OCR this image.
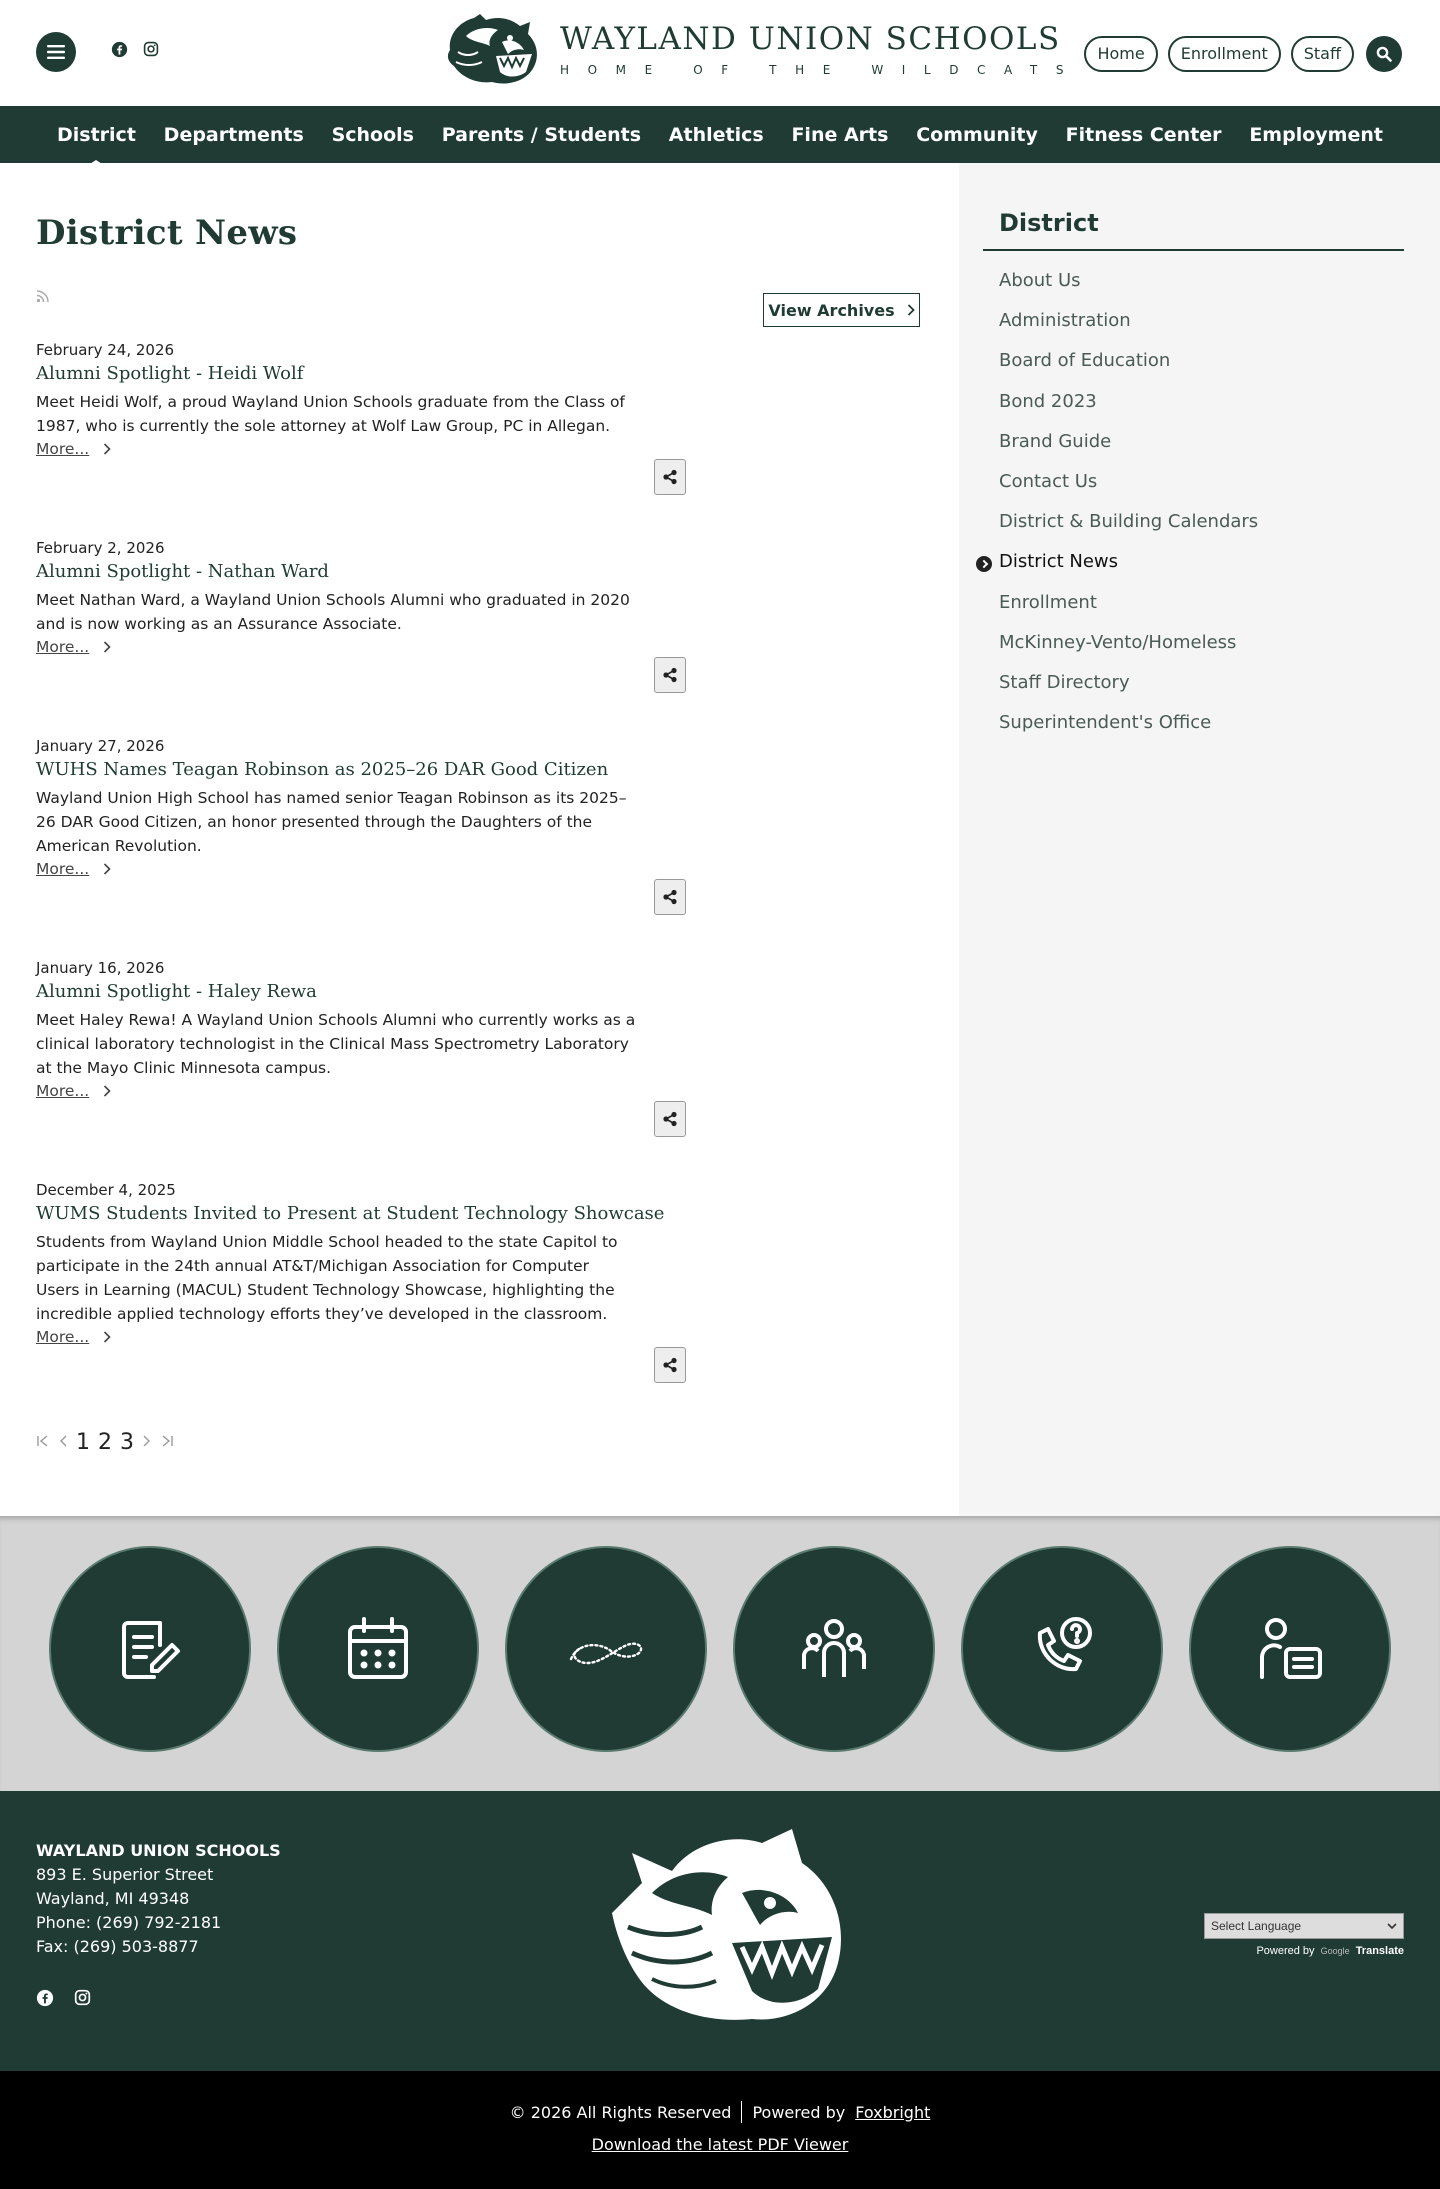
WAYLAND UNION SCHOOLS
HOME OF THE WILDCATS
Home	Enrollment	Staff
District Departments Schools Parents / Students Athletics Fine Arts Community Fitness Center Employment
District News
View Archives
February 24, 2026
Alumni Spotlight - Heidi Wolf
Meet Heidi Wolf, a proud Wayland Union Schools graduate from the Class of 1987, who is currently the sole attorney at Wolf Law Group, PC in Allegan.
More...
February 2, 2026
Alumni Spotlight - Nathan Ward
Meet Nathan Ward, a Wayland Union Schools Alumni who graduated in 2020 and is now working as an Assurance Associate.
More...
January 27, 2026
WUHS Names Teagan Robinson as 2025–26 DAR Good Citizen
Wayland Union High School has named senior Teagan Robinson as its 2025–26 DAR Good Citizen, an honor presented through the Daughters of the American Revolution.
More...
January 16, 2026
Alumni Spotlight - Haley Rewa
Meet Haley Rewa! A Wayland Union Schools Alumni who currently works as a clinical laboratory technologist in the Clinical Mass Spectrometry Laboratory at the Mayo Clinic Minnesota campus.
More...
December 4, 2025
WUMS Students Invited to Present at Student Technology Showcase
Students from Wayland Union Middle School headed to the state Capitol to participate in the 24th annual AT&T/Michigan Association for Computer Users in Learning (MACUL) Student Technology Showcase, highlighting the incredible applied technology efforts they’ve developed in the classroom.
More...
1 2 3
District
About Us
Administration
Board of Education
Bond 2023
Brand Guide
Contact Us
District & Building Calendars
District News
Enrollment
McKinney-Vento/Homeless
Staff Directory
Superintendent's Office
WAYLAND UNION SCHOOLS
893 E. Superior Street
Wayland, MI 49348
Phone: (269) 792-2181
Fax: (269) 503-8877
Select Language
Powered by Google Translate
© 2026 All Rights Reserved Powered by Foxbright
Download the latest PDF Viewer
